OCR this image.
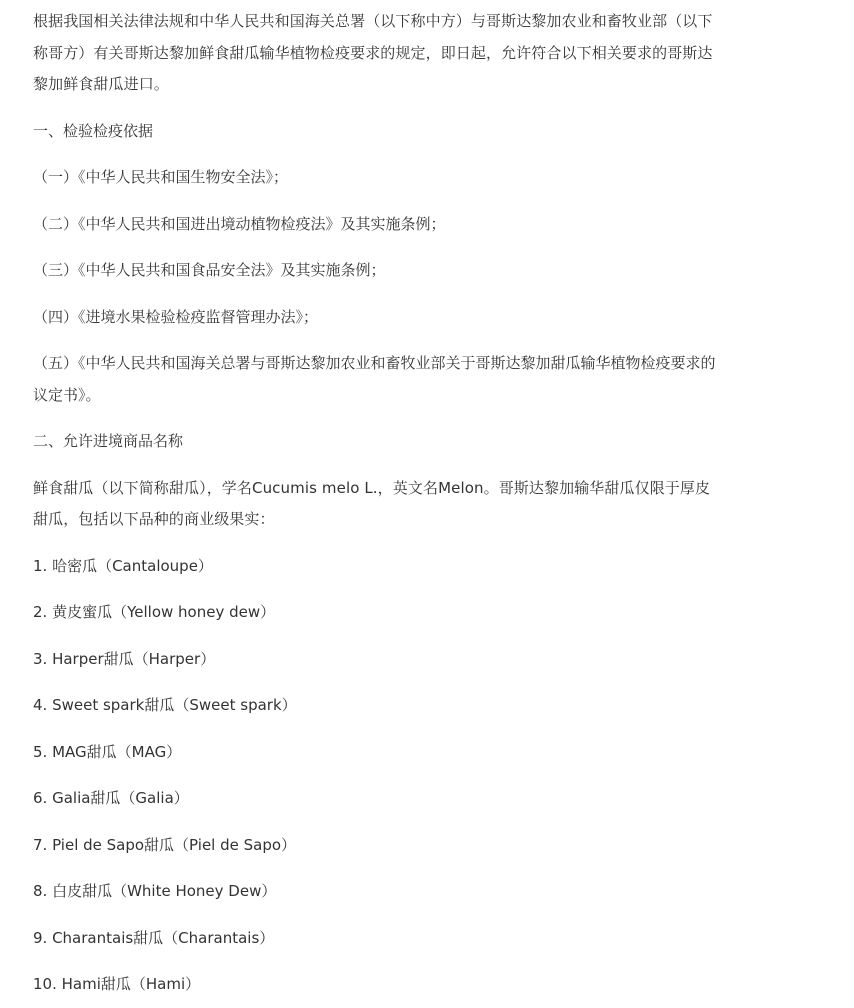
根据我国相关法律法规和中华人民共和国海关总署（以下称中方）与哥斯达黎加农业和畜牧业部（以下称哥方）有关哥斯达黎加鲜食甜瓜输华植物检疫要求的规定，即日起，允许符合以下相关要求的哥斯达黎加鲜食甜瓜进口。

一、检验检疫依据

（一）《中华人民共和国生物安全法》；

（二）《中华人民共和国进出境动植物检疫法》及其实施条例；

（三）《中华人民共和国食品安全法》及其实施条例；

（四）《进境水果检验检疫监督管理办法》；

（五）《中华人民共和国海关总署与哥斯达黎加农业和畜牧业部关于哥斯达黎加甜瓜输华植物检疫要求的议定书》。

二、允许进境商品名称

鲜食甜瓜（以下简称甜瓜），学名Cucumis melo L.，英文名Melon。哥斯达黎加输华甜瓜仅限于厚皮甜瓜，包括以下品种的商业级果实：

1. 哈密瓜（Cantaloupe）

2. 黄皮蜜瓜（Yellow honey dew）

3. Harper甜瓜（Harper）

4. Sweet spark甜瓜（Sweet spark）

5. MAG甜瓜（MAG）

6. Galia甜瓜（Galia）

7. Piel de Sapo甜瓜（Piel de Sapo）

8. 白皮甜瓜（White Honey Dew）

9. Charantais甜瓜（Charantais）

10. Hami甜瓜（Hami）
